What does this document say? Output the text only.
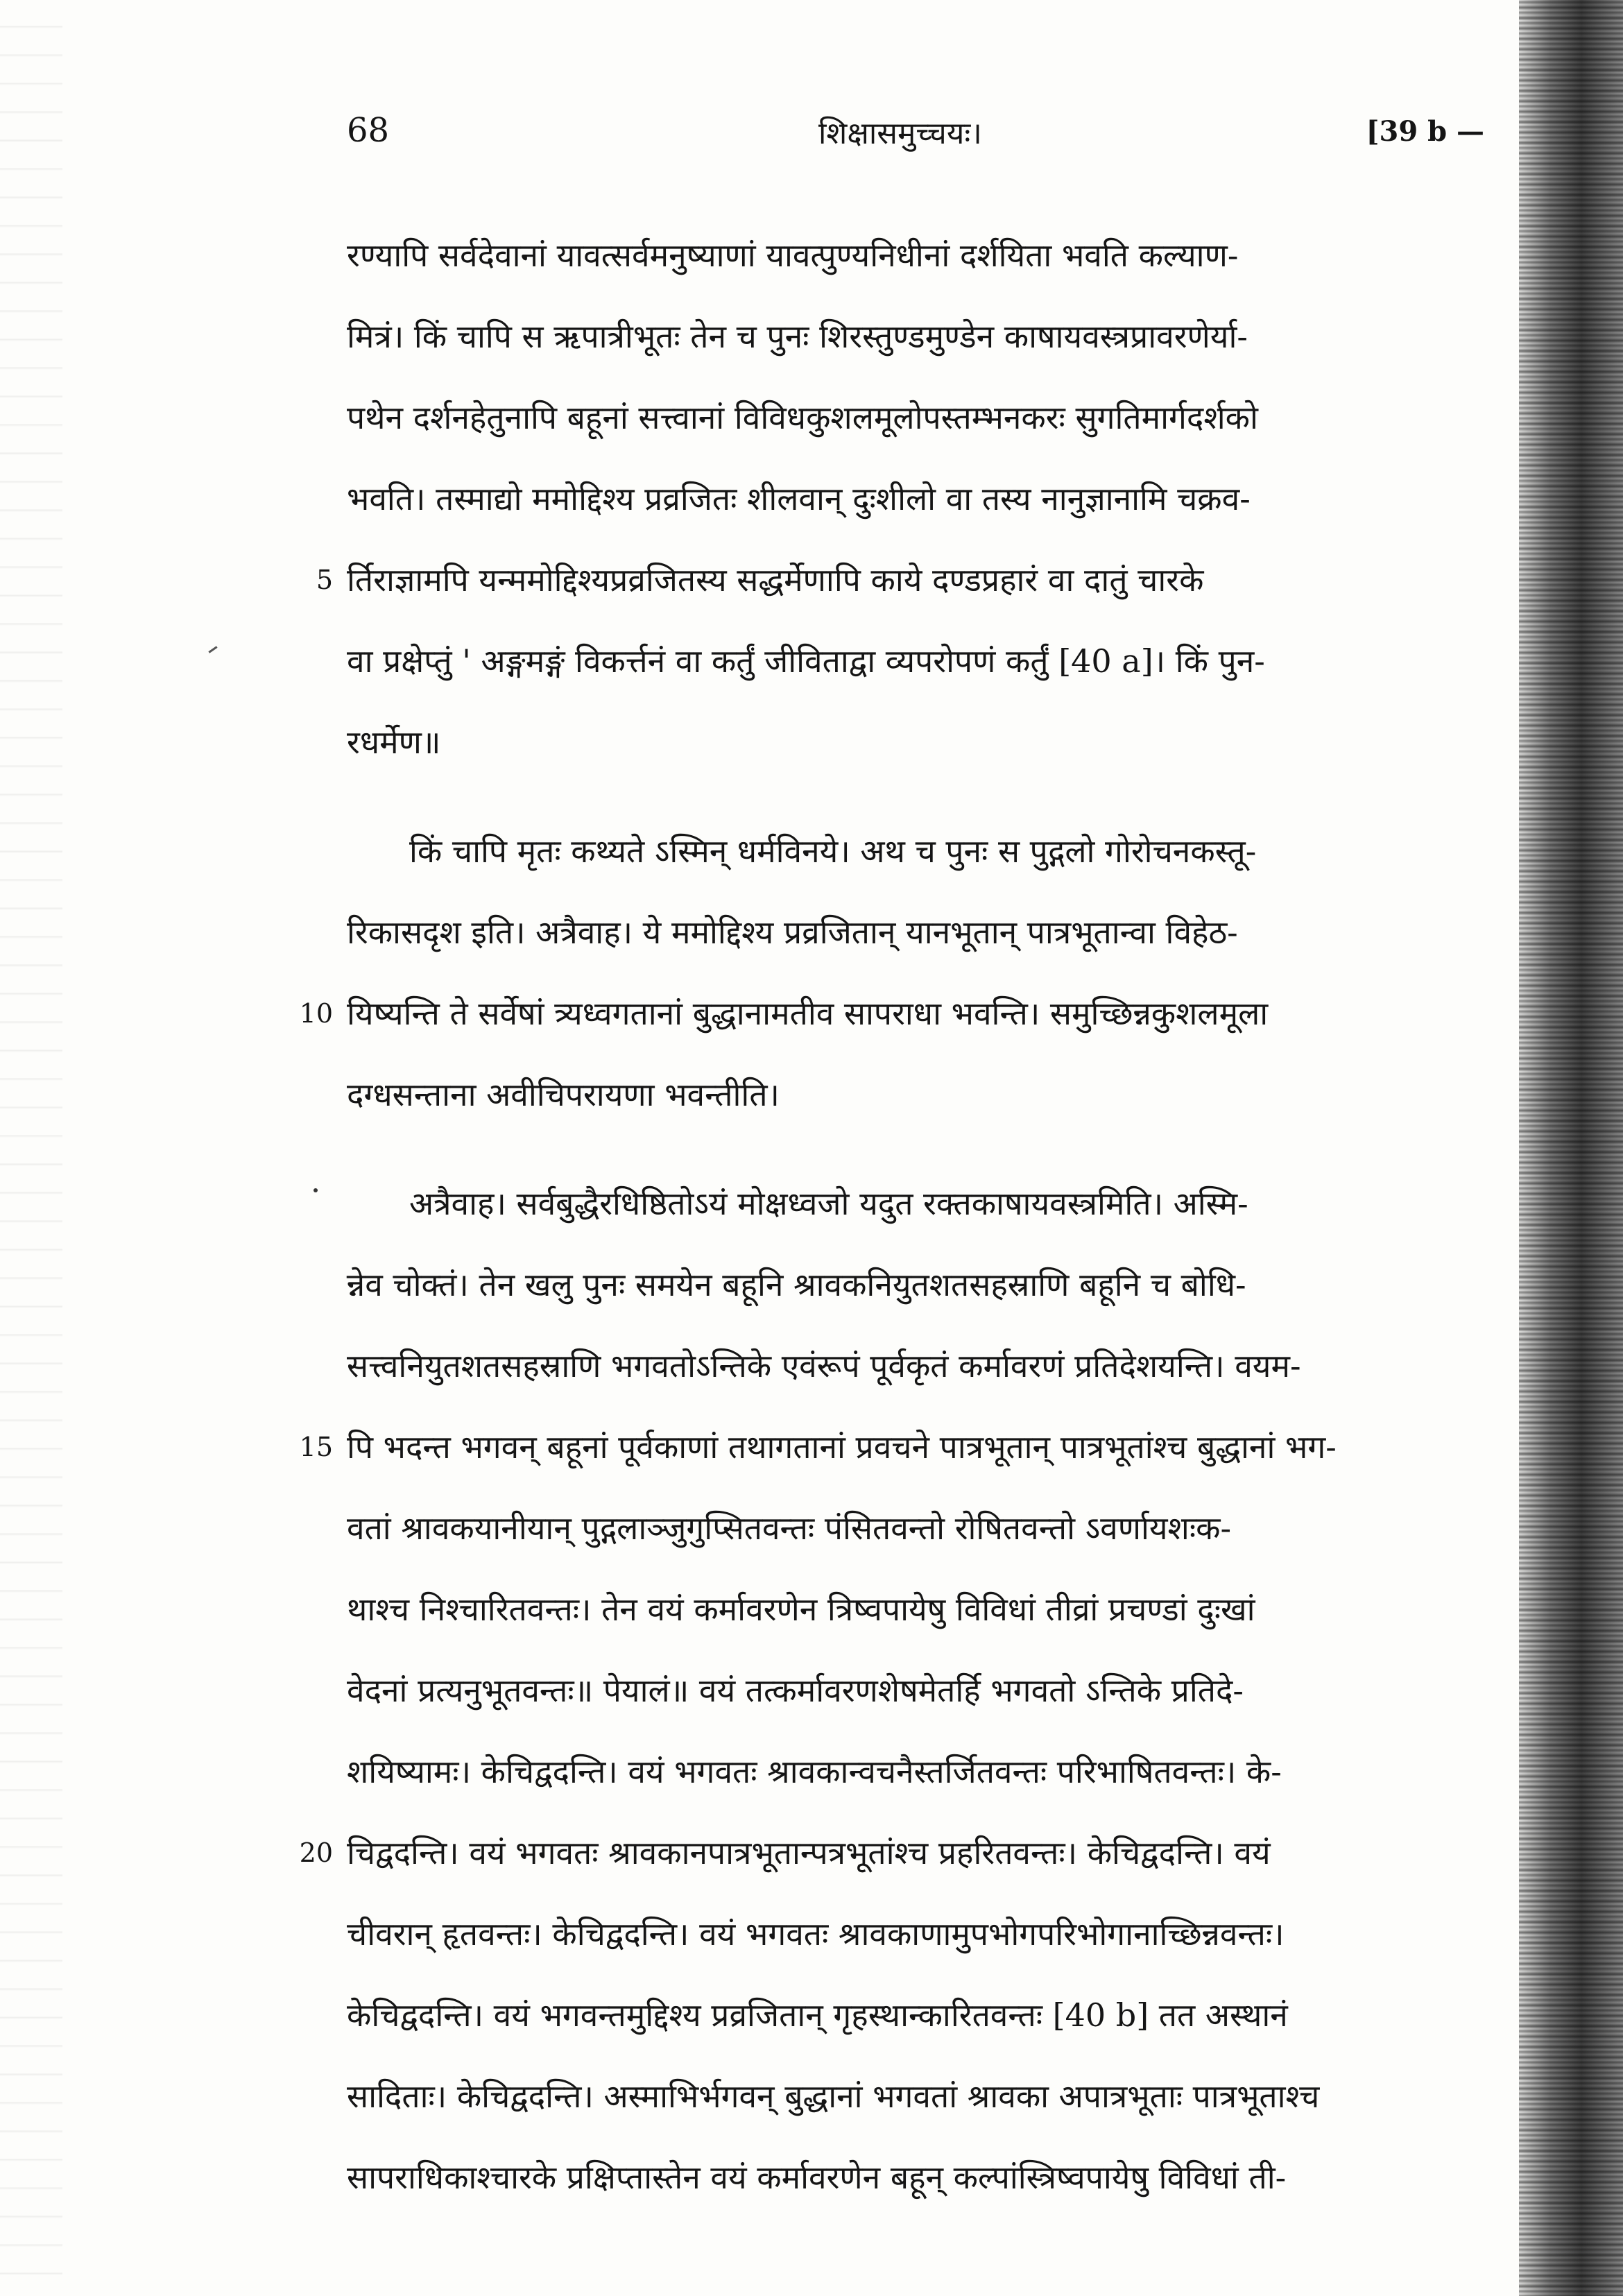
68	शिक्षासमुच्चयः।	[39 b —
रण्यापि सर्वदेवानां यावत्सर्वमनुष्याणां यावत्पुण्यनिधीनां दर्शयिता भवति कल्याण-
मित्रं। किं चापि स ऋपात्रीभूतः तेन च पुनः शिरस्तुण्डमुण्डेन काषायवस्त्रप्रावरणेर्या-
पथेन दर्शनहेतुनापि बहूनां सत्त्वानां विविधकुशलमूलोपस्तम्भनकरः सुगतिमार्गदर्शको
भवति। तस्माद्यो ममोद्दिश्य प्रव्रजितः शीलवान् दुःशीलो वा तस्य नानुज्ञानामि चक्रव-
5 र्तिराज्ञामपि यन्ममोद्दिश्यप्रव्रजितस्य सद्धर्मेणापि काये दण्डप्रहारं वा दातुं चारके
वा प्रक्षेप्तुं ' अङ्गमङ्गं विकर्त्तनं वा कर्तुं जीविताद्वा व्यपरोपणं कर्तुं [40 a]। किं पुन-
रधर्मेण॥
किं चापि मृतः कथ्यते ऽस्मिन् धर्मविनये। अथ च पुनः स पुद्गलो गोरोचनकस्तू-
रिकासदृश इति। अत्रैवाह। ये ममोद्दिश्य प्रव्रजितान् यानभूतान् पात्रभूतान्वा विहेठ-
10 यिष्यन्ति ते सर्वेषां त्र्यध्वगतानां बुद्धानामतीव सापराधा भवन्ति। समुच्छिन्नकुशलमूला
दग्धसन्ताना अवीचिपरायणा भवन्तीति।
अत्रैवाह। सर्वबुद्धैरधिष्ठितोऽयं मोक्षध्वजो यदुत रक्तकाषायवस्त्रमिति। अस्मि-
न्नेव चोक्तं। तेन खलु पुनः समयेन बहूनि श्रावकनियुतशतसहस्राणि बहूनि च बोधि-
सत्त्वनियुतशतसहस्राणि भगवतोऽन्तिके एवंरूपं पूर्वकृतं कर्मावरणं प्रतिदेशयन्ति। वयम-
15 पि भदन्त भगवन् बहूनां पूर्वकाणां तथागतानां प्रवचने पात्रभूतान् पात्रभूतांश्च बुद्धानां भग-
वतां श्रावकयानीयान् पुद्गलाञ्जुगुप्सितवन्तः पंसितवन्तो रोषितवन्तो ऽवर्णायशःक-
थाश्च निश्चारितवन्तः। तेन वयं कर्मावरणेन त्रिष्वपायेषु विविधां तीव्रां प्रचण्डां दुःखां
वेदनां प्रत्यनुभूतवन्तः॥ पेयालं॥ वयं तत्कर्मावरणशेषमेतर्हि भगवतो ऽन्तिके प्रतिदे-
शयिष्यामः। केचिद्वदन्ति। वयं भगवतः श्रावकान्वचनैस्तर्जितवन्तः परिभाषितवन्तः। के-
20 चिद्वदन्ति। वयं भगवतः श्रावकानपात्रभूतान्पत्रभूतांश्च प्रहरितवन्तः। केचिद्वदन्ति। वयं
चीवरान् हृतवन्तः। केचिद्वदन्ति। वयं भगवतः श्रावकाणामुपभोगपरिभोगानाच्छिन्नवन्तः।
केचिद्वदन्ति। वयं भगवन्तमुद्दिश्य प्रव्रजितान् गृहस्थान्कारितवन्तः [40 b] तत अस्थानं
सादिताः। केचिद्वदन्ति। अस्माभिर्भगवन् बुद्धानां भगवतां श्रावका अपात्रभूताः पात्रभूताश्च
सापराधिकाश्चारके प्रक्षिप्तास्तेन वयं कर्मावरणेन बहून् कल्पांस्त्रिष्वपायेषु विविधां ती-
